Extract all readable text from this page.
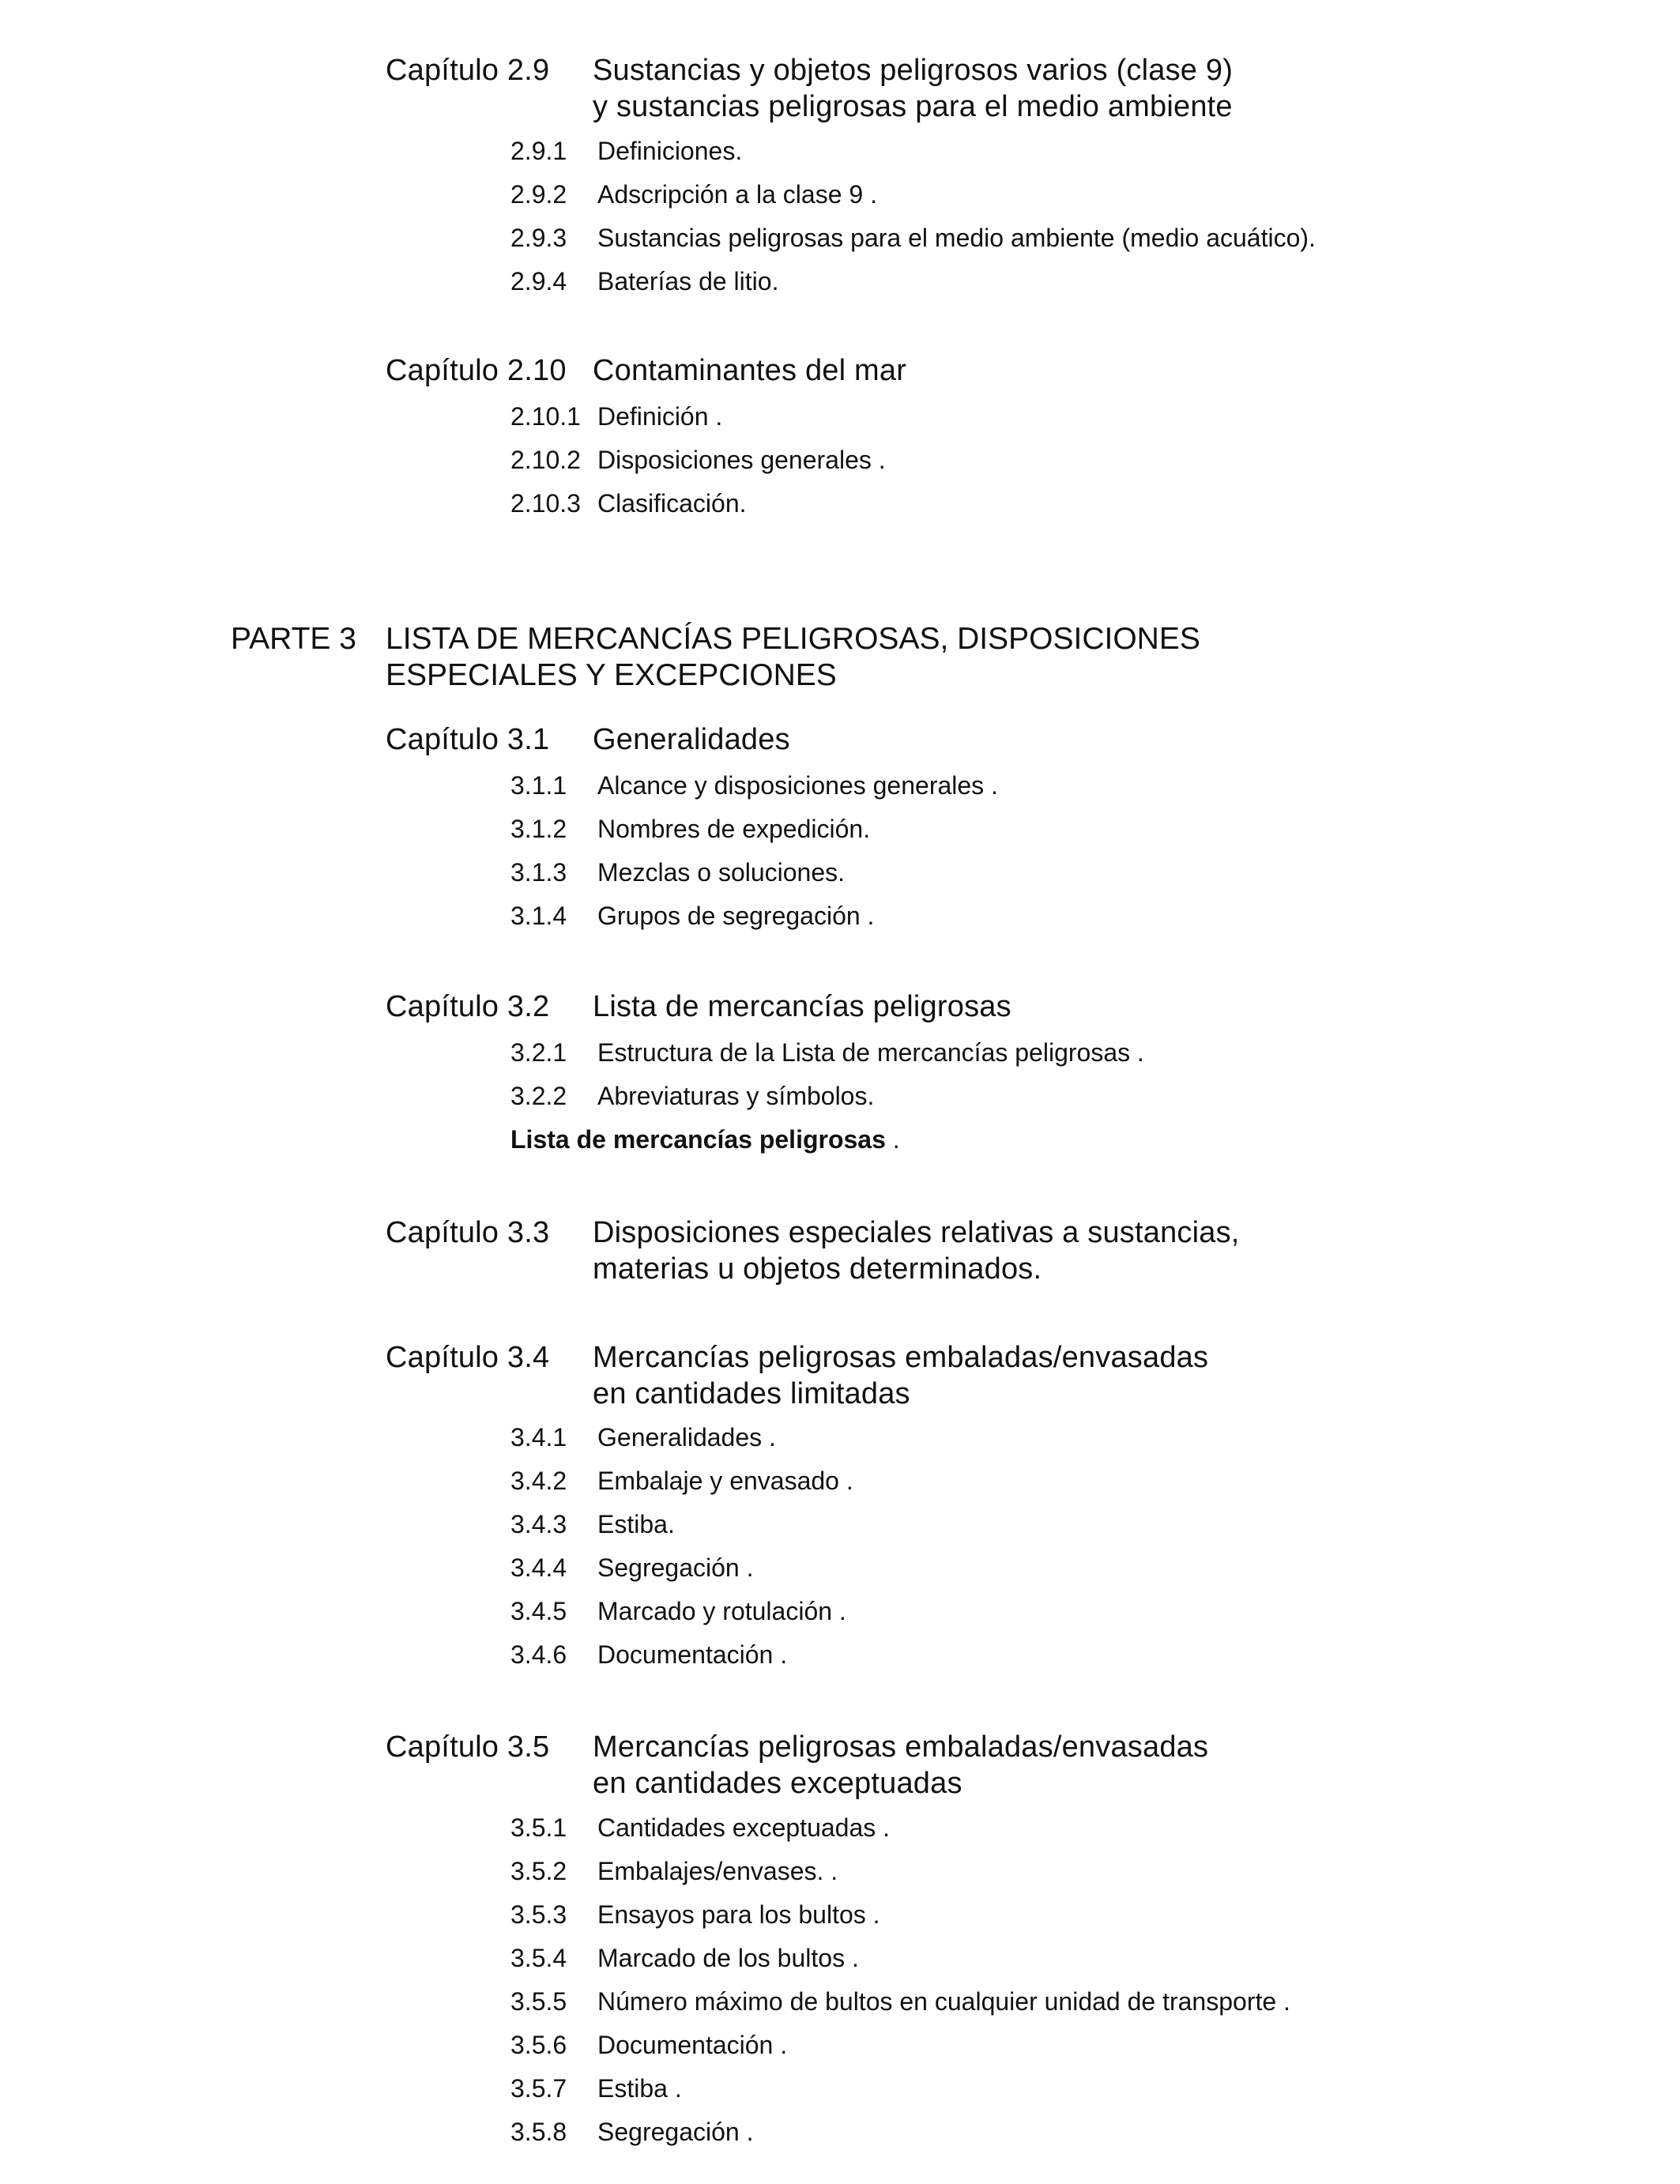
Capítulo 2.9 Sustancias y objetos peligrosos varios (clase 9)
y sustancias peligrosas para el medio ambiente
2.9.1 Definiciones.
2.9.2 Adscripción a la clase 9 .
2.9.3 Sustancias peligrosas para el medio ambiente (medio acuático).
2.9.4 Baterías de litio.
Capítulo 2.10 Contaminantes del mar
2.10.1 Definición .
2.10.2 Disposiciones generales .
2.10.3 Clasificación.
PARTE 3 LISTA DE MERCANCÍAS PELIGROSAS, DISPOSICIONES
ESPECIALES Y EXCEPCIONES
Capítulo 3.1 Generalidades
3.1.1 Alcance y disposiciones generales .
3.1.2 Nombres de expedición.
3.1.3 Mezclas o soluciones.
3.1.4 Grupos de segregación .
Capítulo 3.2 Lista de mercancías peligrosas
3.2.1 Estructura de la Lista de mercancías peligrosas .
3.2.2 Abreviaturas y símbolos.
Lista de mercancías peligrosas .
Capítulo 3.3 Disposiciones especiales relativas a sustancias,
materias u objetos determinados.
Capítulo 3.4 Mercancías peligrosas embaladas/envasadas
en cantidades limitadas
3.4.1 Generalidades .
3.4.2 Embalaje y envasado .
3.4.3 Estiba.
3.4.4 Segregación .
3.4.5 Marcado y rotulación .
3.4.6 Documentación .
Capítulo 3.5 Mercancías peligrosas embaladas/envasadas
en cantidades exceptuadas
3.5.1 Cantidades exceptuadas .
3.5.2 Embalajes/envases. .
3.5.3 Ensayos para los bultos .
3.5.4 Marcado de los bultos .
3.5.5 Número máximo de bultos en cualquier unidad de transporte .
3.5.6 Documentación .
3.5.7 Estiba .
3.5.8 Segregación .
